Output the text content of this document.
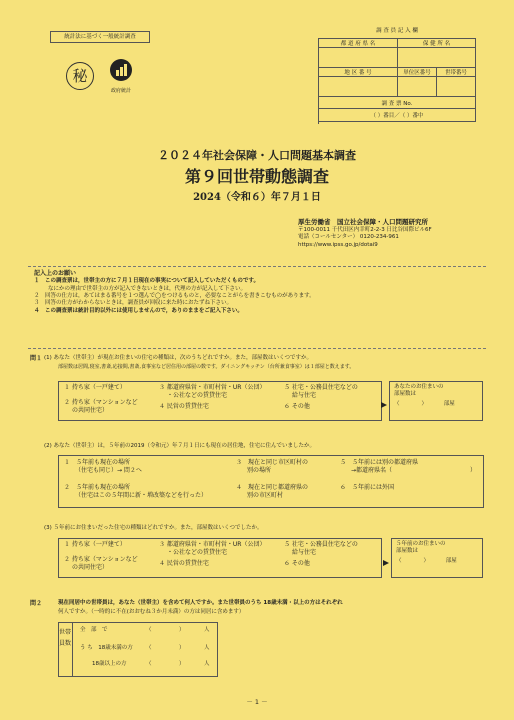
統計法に基づく一般統計調査
秘
政府統計
調 査 員 記 入 欄
都 道 府 県 名	保 健 所 名
地 区 番 号	単位区番号	世帯番号
調 査 票 No.
（ ）番目／（ ）番中
２０２４年社会保障・人口問題基本調査
第９回世帯動態調査
2024（令和６）年７月１日
厚生労働省　国立社会保障・人口問題研究所
〒100-0011 千代田区内幸町2-2-3 日比谷国際ビル6F
電話（コールセンター） 0120-234-961
https://www.ipss.go.jp/dotai9
記入上のお願い
１　この調査票は，世帯主の方に７月１日現在の事実について記入していただくものです。
なにかの理由で世帯主の方が記入できないときは，代理の方が記入して下さい。
２　回答の仕方は，あてはまる番号を１つ選んで◯をつけるものと，必要なことがらを書きこむものがあります。
３　回答の仕方がわからないときは，調査員が回収に来た時におたずね下さい。
４　この調査票は統計目的以外には使用しませんので，ありのままをご記入下さい。
問１ (1) あなた（世帯主）が現在お住まいの住宅の種類は，次のうちどれですか。また，部屋数はいくつですか。
部屋数は居間,寝室,書斎,応接間,書斎,食事室など居住用の部屋の数です。ダイニングキッチン（台所兼食事室）は１部屋と数えます。
１ 持ち家（一戸建て）
２ 持ち家（マンションなど
の共同住宅）
３ 都道府県営・市町村営・UR（公団）
・公社などの賃貸住宅
４ 民営の賃貸住宅
５ 社宅・公務員住宅などの
給与住宅
６ その他
あなたのお住まいの
部屋数は
（　　　　）	部屋
(2) あなた（世帯主）は，５年前の2019（令和元）年７月１日にも現在の居住地，住宅に住んでいましたか。
１　５年前も現在の場所
（住宅も同じ）→ 問２へ
２　５年前も現在の場所
（住宅はこの５年間に新・増改築などを行った）
３　現在と同じ市区町村の
別の場所
４　現在と同じ都道府県の
別の市区町村
５　５年前には別の都道府県
→都道府県名（	）
６　５年前には外国
(3) ５年前にお住まいだった住宅の種類はどれですか。また，部屋数はいくつでしたか。
１ 持ち家（一戸建て）
２ 持ち家（マンションなど
の共同住宅）
３ 都道府県営・市町村営・UR（公団）
・公社などの賃貸住宅
４ 民営の賃貸住宅
５ 社宅・公務員住宅などの
給与住宅
６ その他
５年前のお住まいの
部屋数は
（　　　　）	部屋
問２	現在同居中の世帯員は，あなた（世帯主）を含めて何人ですか。また世帯員のうち 18歳未満・以上の方はそれぞれ
何人ですか。（一時的に不在(おおむね３か月未満）の方は同居に含めます）
世帯員数
全　部　で	（　　　　　）	人
う ち　18歳未満の方 （　　　　　）	人
18歳以上の方	（　　　　　）	人
－ 1 －
